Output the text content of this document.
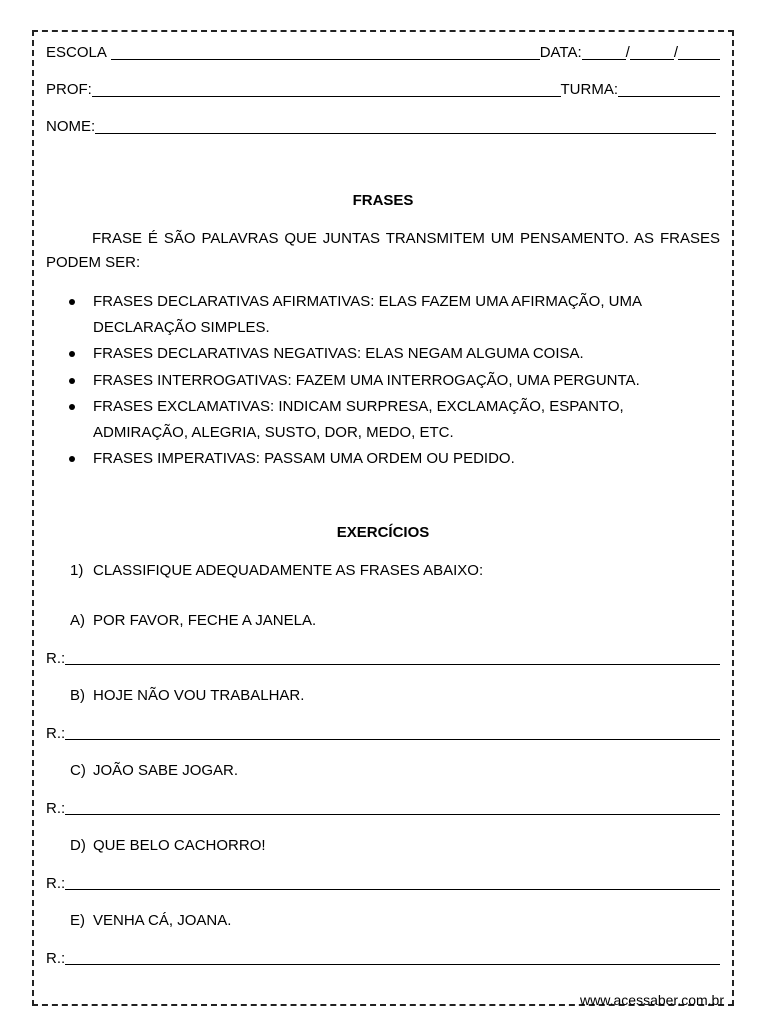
ESCOLA	DATA:	/	/
PROF:	TURMA:
NOME:
FRASES
FRASE É SÃO PALAVRAS QUE JUNTAS TRANSMITEM UM PENSAMENTO. AS FRASES PODEM SER:
FRASES DECLARATIVAS AFIRMATIVAS: ELAS FAZEM UMA AFIRMAÇÃO, UMA DECLARAÇÃO SIMPLES.
FRASES DECLARATIVAS NEGATIVAS: ELAS NEGAM ALGUMA COISA.
FRASES INTERROGATIVAS: FAZEM UMA INTERROGAÇÃO, UMA PERGUNTA.
FRASES EXCLAMATIVAS: INDICAM SURPRESA, EXCLAMAÇÃO, ESPANTO, ADMIRAÇÃO, ALEGRIA, SUSTO, DOR, MEDO, ETC.
FRASES IMPERATIVAS: PASSAM UMA ORDEM OU PEDIDO.
EXERCÍCIOS
1) CLASSIFIQUE ADEQUADAMENTE AS FRASES ABAIXO:
A) POR FAVOR, FECHE A JANELA.
R.:
B) HOJE NÃO VOU TRABALHAR.
R.:
C) JOÃO SABE JOGAR.
R.:
D) QUE BELO CACHORRO!
R.:
E) VENHA CÁ, JOANA.
R.:
www.acessaber.com.br
